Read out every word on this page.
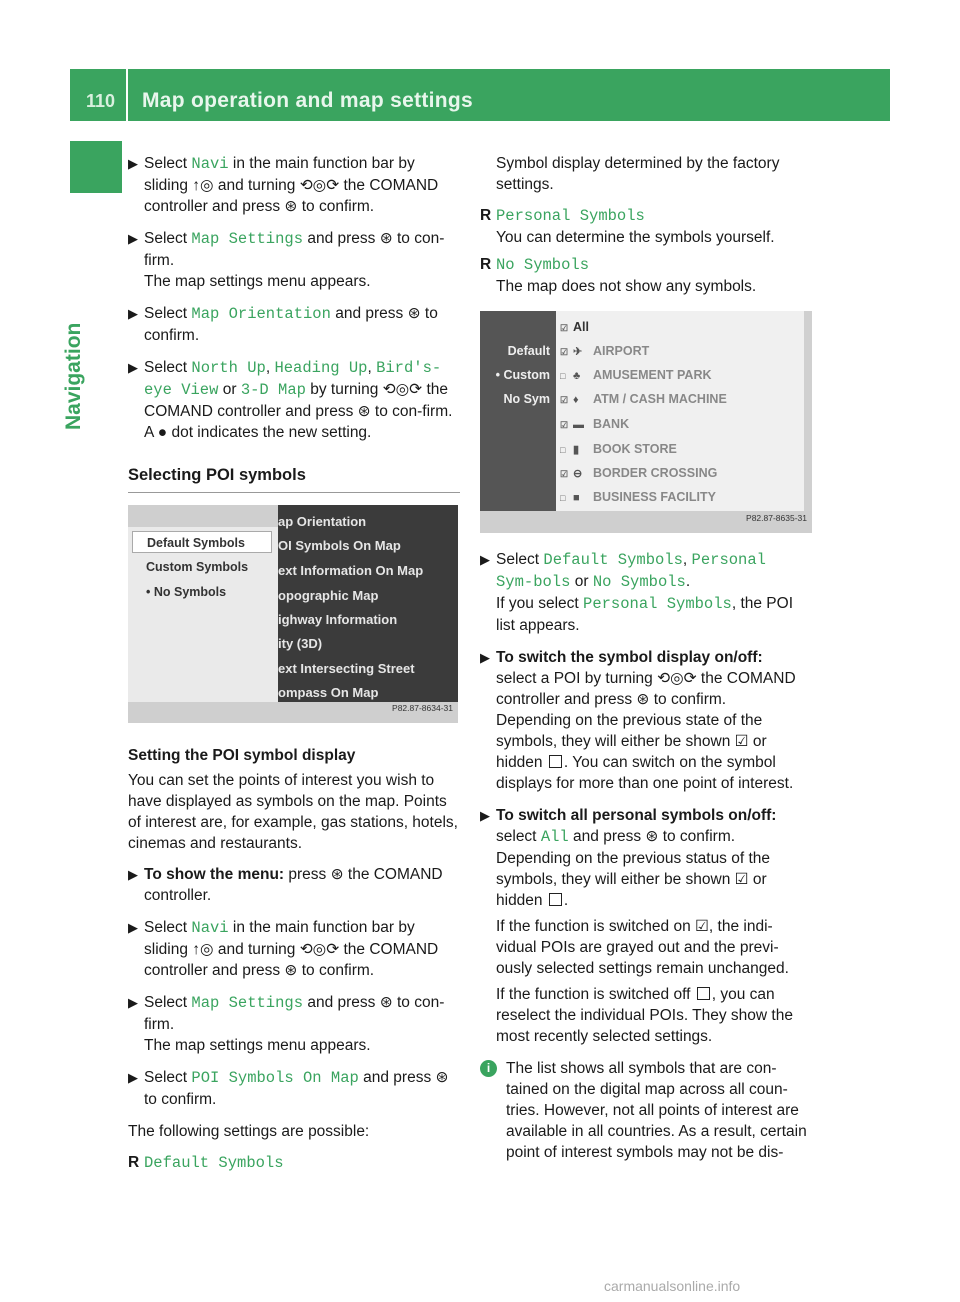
110 Map operation and map settings
Navigation
▶ Select Navi in the main function bar by sliding ↑◎ and turning ⟲◎⟳ the COMAND controller and press ⊛ to confirm.
▶ Select Map Settings and press ⊛ to con-firm.
The map settings menu appears.
▶ Select Map Orientation and press ⊛ to confirm.
▶ Select North Up, Heading Up, Bird's-eye View or 3-D Map by turning ⟲◎⟳ the COMAND controller and press ⊛ to con-firm.
A ● dot indicates the new setting.
Selecting POI symbols
Default Symbols
Custom Symbols
• No Symbols
ap Orientation
OI Symbols On Map
ext Information On Map
opographic Map
ighway Information
ity (3D)
ext Intersecting Street
ompass On Map
P82.87-8634-31
Setting the POI symbol display
You can set the points of interest you wish to have displayed as symbols on the map. Points of interest are, for example, gas stations, hotels, cinemas and restaurants.
▶ To show the menu: press ⊛ the COMAND controller.
▶ Select Navi in the main function bar by sliding ↑◎ and turning ⟲◎⟳ the COMAND controller and press ⊛ to confirm.
▶ Select Map Settings and press ⊛ to con-firm.
The map settings menu appears.
▶ Select POI Symbols On Map and press ⊛ to confirm.
The following settings are possible:
R Default Symbols
Symbol display determined by the factory settings.
R Personal Symbols
You can determine the symbols yourself.
R No Symbols
The map does not show any symbols.
Default
• Custom
No Sym
☑ All
☑ ✈ AIRPORT
□ ♣ AMUSEMENT PARK
☑ ♦ ATM / CASH MACHINE
☑ ▬ BANK
□ ▮ BOOK STORE
☑ ⊖ BORDER CROSSING
□ ■ BUSINESS FACILITY
P82.87-8635-31
▶ Select Default Symbols, Personal Sym-bols or No Symbols.
If you select Personal Symbols, the POI list appears.
▶ To switch the symbol display on/off:
select a POI by turning ⟲◎⟳ the COMAND controller and press ⊛ to confirm.
Depending on the previous state of the symbols, they will either be shown ☑ or hidden . You can switch on the symbol displays for more than one point of interest.
▶ To switch all personal symbols on/off:
select All and press ⊛ to confirm.
Depending on the previous status of the symbols, they will either be shown ☑ or hidden .
If the function is switched on ☑, the indi-vidual POIs are grayed out and the previ-ously selected settings remain unchanged.
If the function is switched off , you can reselect the individual POIs. They show the most recently selected settings.
i	The list shows all symbols that are con-tained on the digital map across all coun-tries. However, not all points of interest are available in all countries. As a result, certain point of interest symbols may not be dis-
carmanualsonline.info
